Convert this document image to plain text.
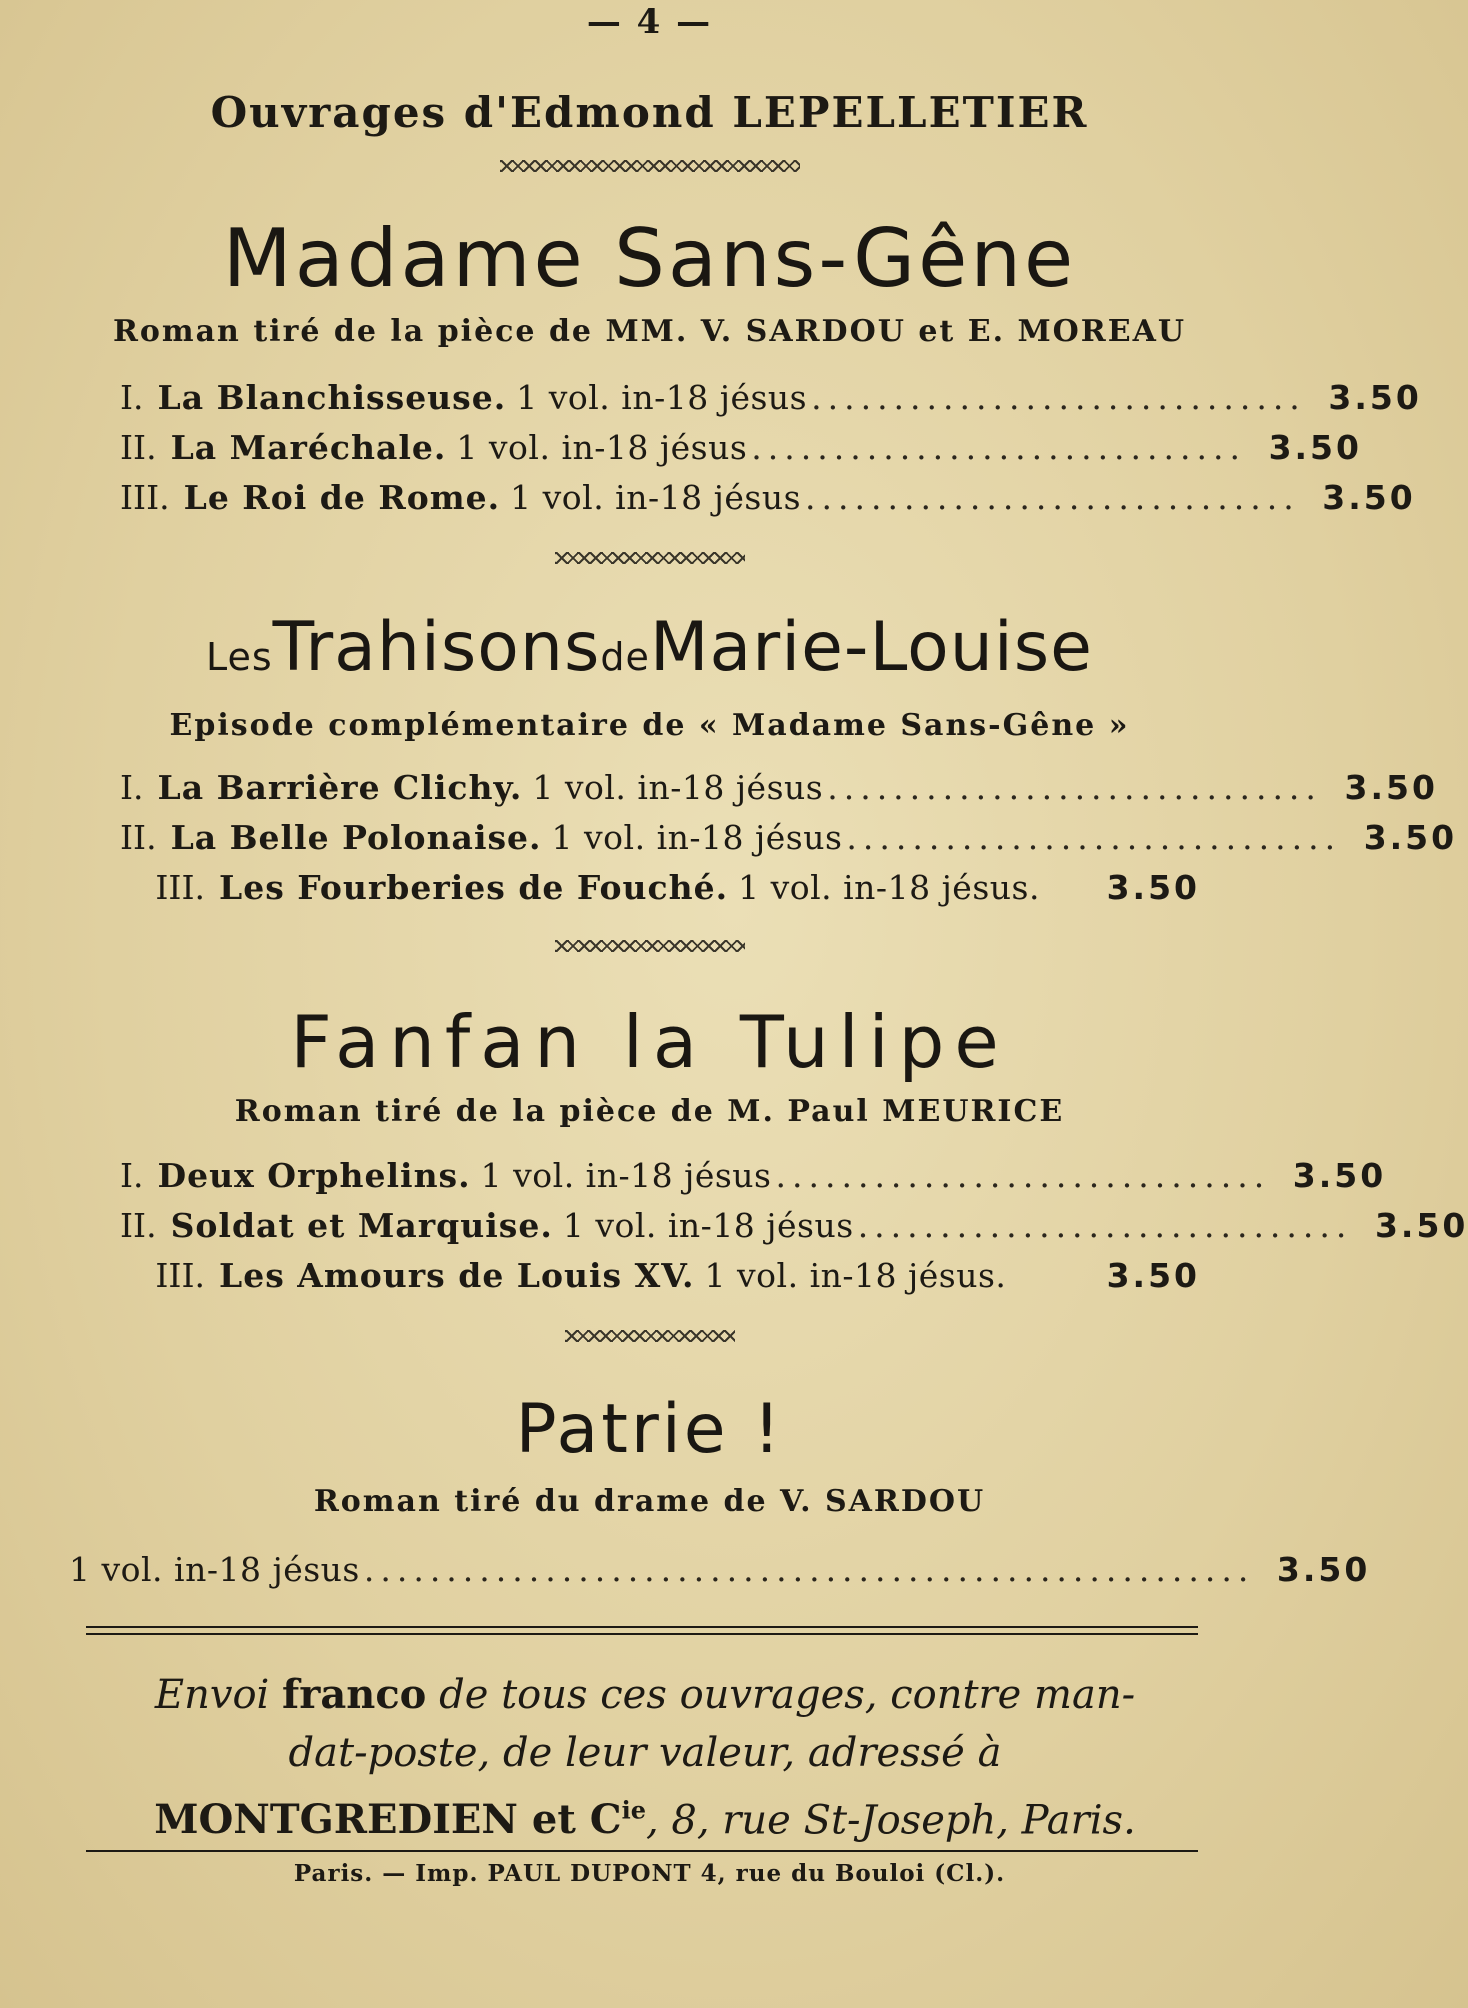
— 4 —
Ouvrages d'Edmond LEPELLETIER
Madame Sans-Gêne
Roman tiré de la pièce de MM. V. SARDOU et E. MOREAU
I. La Blanchisseuse. 1 vol. in-18 jésus .............................. 3.50
II. La Maréchale. 1 vol. in-18 jésus .............................. 3.50
III. Le Roi de Rome. 1 vol. in-18 jésus .............................. 3.50
LesTrahisonsdeMarie-Louise
Episode complémentaire de « Madame Sans-Gêne »
I. La Barrière Clichy. 1 vol. in-18 jésus .............................. 3.50
II. La Belle Polonaise. 1 vol. in-18 jésus .............................. 3.50
III. Les Fourberies de Fouché. 1 vol. in-18 jésus. 3.50
Fanfan la Tulipe
Roman tiré de la pièce de M. Paul MEURICE
I. Deux Orphelins. 1 vol. in-18 jésus .............................. 3.50
II. Soldat et Marquise. 1 vol. in-18 jésus .............................. 3.50
III. Les Amours de Louis XV. 1 vol. in-18 jésus.	3.50
Patrie !
Roman tiré du drame de V. SARDOU
1 vol. in-18 jésus ...................................................... 3.50
Envoi franco de tous ces ouvrages, contre man-
dat-poste, de leur valeur, adressé à
MONTGREDIEN et $C^{ie}$, 8, rue St-Joseph, Paris.
Paris. — Imp. PAUL DUPONT 4, rue du Bouloi (Cl.).
